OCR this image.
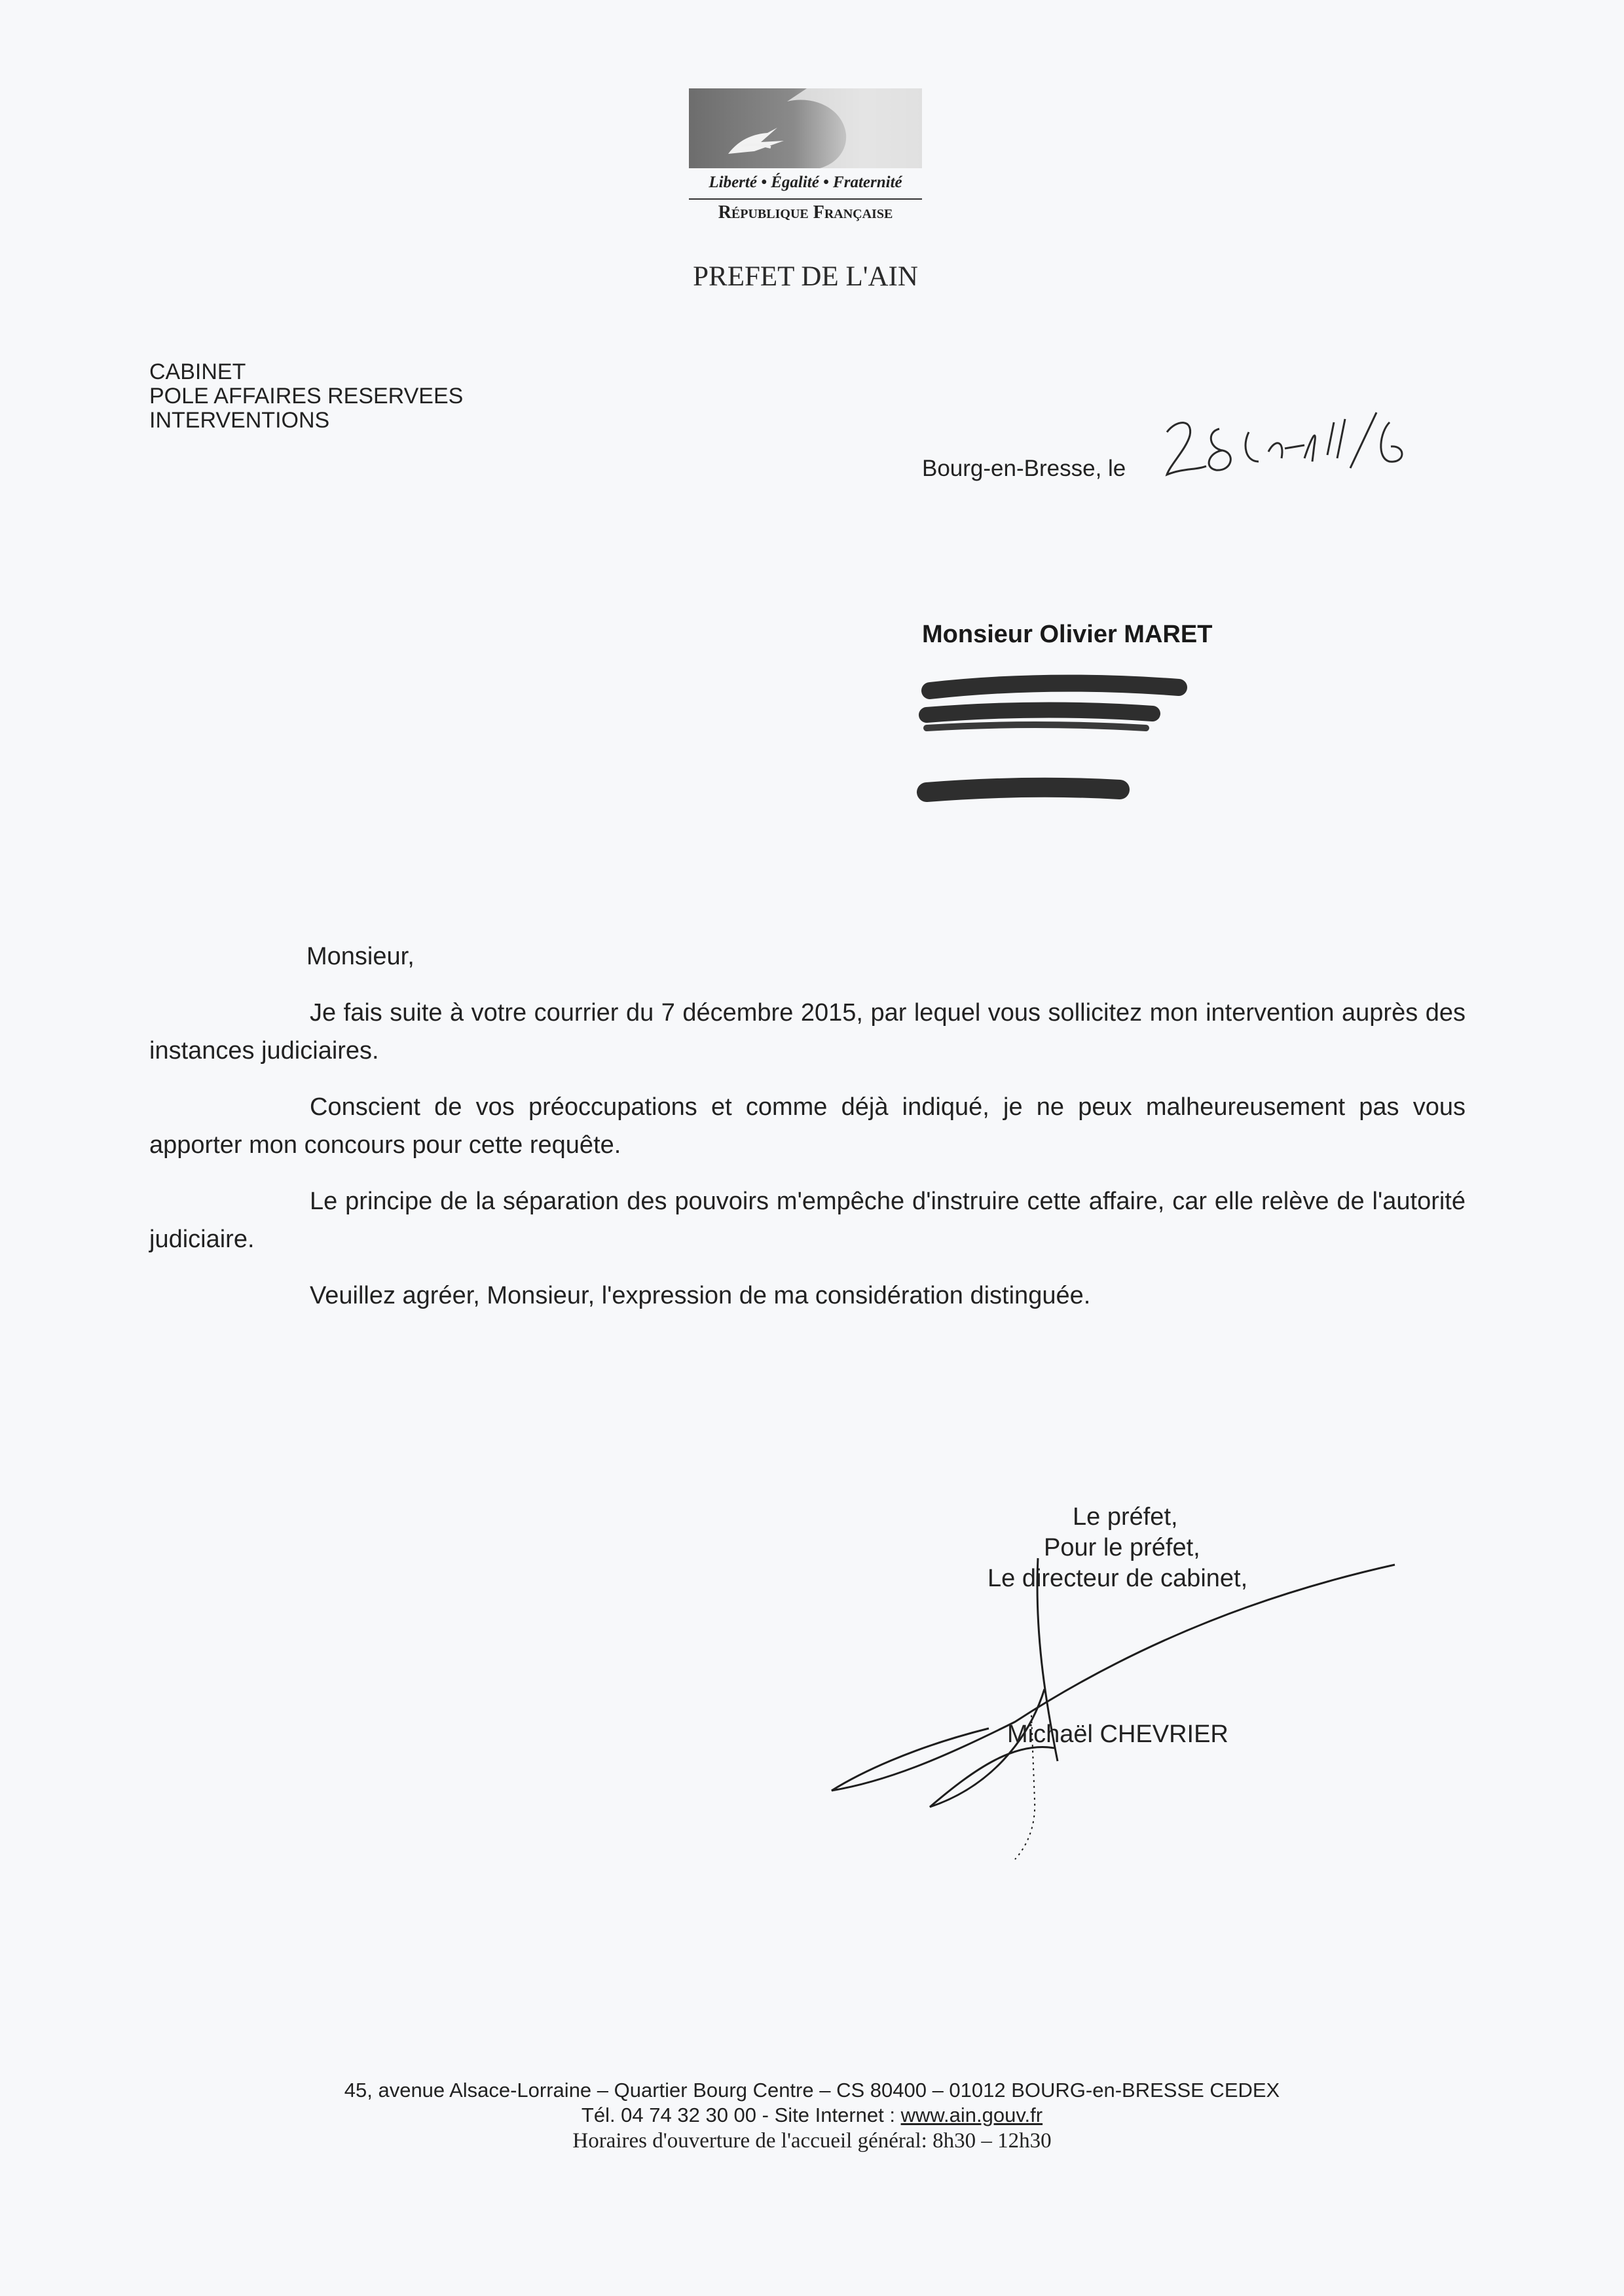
Liberté • Égalité • Fraternité
République Française
PREFET DE L'AIN
CABINET
POLE AFFAIRES RESERVEES
INTERVENTIONS
Bourg-en-Bresse, le
Monsieur Olivier MARET
Monsieur,
Je fais suite à votre courrier du 7 décembre 2015, par lequel vous sollicitez mon intervention auprès des instances judiciaires.
Conscient de vos préoccupations et comme déjà indiqué, je ne peux malheureusement pas vous apporter mon concours pour cette requête.
Le principe de la séparation des pouvoirs m'empêche d'instruire cette affaire, car elle relève de l'autorité judiciaire.
Veuillez agréer, Monsieur, l'expression de ma considération distinguée.
Le préfet,
Pour le préfet,
Le directeur de cabinet,
Michaël CHEVRIER
45, avenue Alsace-Lorraine – Quartier Bourg Centre – CS 80400 – 01012 BOURG-en-BRESSE CEDEX
Tél. 04 74 32 30 00 - Site Internet : www.ain.gouv.fr
Horaires d'ouverture de l'accueil général: 8h30 – 12h30
